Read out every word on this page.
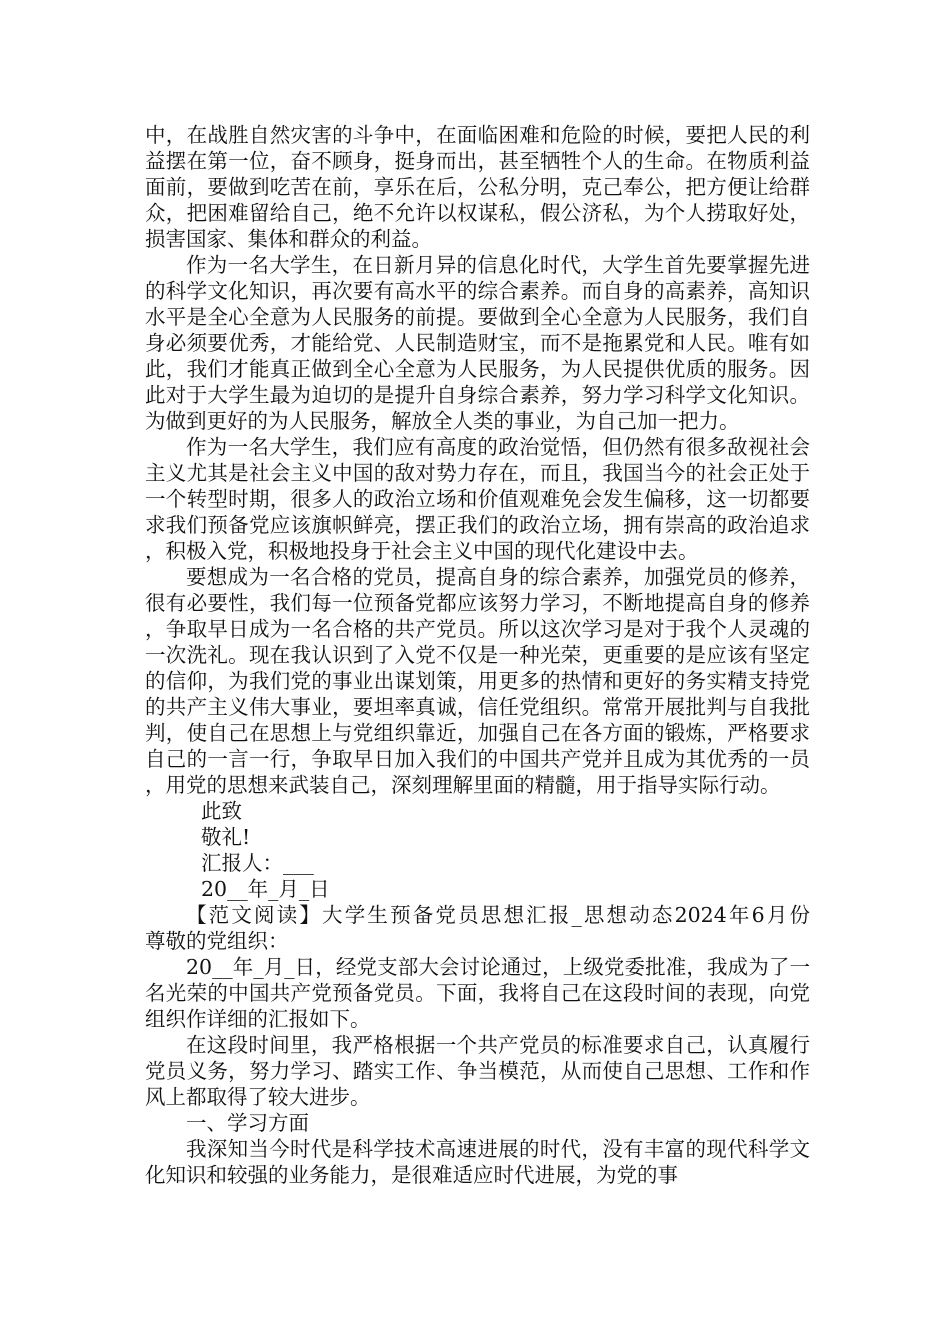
中，在战胜自然灾害的斗争中，在面临困难和危险的时候，要把人民的利益摆在第一位，奋不顾身，挺身而出，甚至牺牲个人的生命。在物质利益面前，要做到吃苦在前，享乐在后，公私分明，克己奉公，把方便让给群众，把困难留给自己，绝不允许以权谋私，假公济私，为个人捞取好处，损害国家、集体和群众的利益。

作为一名大学生，在日新月异的信息化时代，大学生首先要掌握先进的科学文化知识，再次要有高水平的综合素养。而自身的高素养，高知识水平是全心全意为人民服务的前提。要做到全心全意为人民服务，我们自身必须要优秀，才能给党、人民制造财宝，而不是拖累党和人民。唯有如此，我们才能真正做到全心全意为人民服务，为人民提供优质的服务。因此对于大学生最为迫切的是提升自身综合素养，努力学习科学文化知识。为做到更好的为人民服务，解放全人类的事业，为自己加一把力。

作为一名大学生，我们应有高度的政治觉悟，但仍然有很多敌视社会主义尤其是社会主义中国的敌对势力存在，而且，我国当今的社会正处于一个转型时期，很多人的政治立场和价值观难免会发生偏移，这一切都要求我们预备党应该旗帜鲜亮，摆正我们的政治立场，拥有崇高的政治追求，积极入党，积极地投身于社会主义中国的现代化建设中去。

要想成为一名合格的党员，提高自身的综合素养，加强党员的修养，很有必要性，我们每一位预备党都应该努力学习，不断地提高自身的修养，争取早日成为一名合格的共产党员。所以这次学习是对于我个人灵魂的一次洗礼。现在我认识到了入党不仅是一种光荣，更重要的是应该有坚定的信仰，为我们党的事业出谋划策，用更多的热情和更好的务实精支持党的共产主义伟大事业，要坦率真诚，信任党组织。常常开展批判与自我批判，使自己在思想上与党组织靠近，加强自己在各方面的锻炼，严格要求自己的一言一行，争取早日加入我们的中国共产党并且成为其优秀的一员，用党的思想来武装自己，深刻理解里面的精髓，用于指导实际行动。

此致

敬礼!

汇报人：___

20__年_月_日

【范文阅读】大学生预备党员思想汇报_思想动态2024年6月份　　尊敬的党组织：

20__年_月_日，经党支部大会讨论通过，上级党委批准，我成为了一名光荣的中国共产党预备党员。下面，我将自己在这段时间的表现，向党组织作详细的汇报如下。

在这段时间里，我严格根据一个共产党员的标准要求自己，认真履行党员义务，努力学习、踏实工作、争当模范，从而使自己思想、工作和作风上都取得了较大进步。

一、学习方面

我深知当今时代是科学技术高速进展的时代，没有丰富的现代科学文化知识和较强的业务能力，是很难适应时代进展，为党的事
